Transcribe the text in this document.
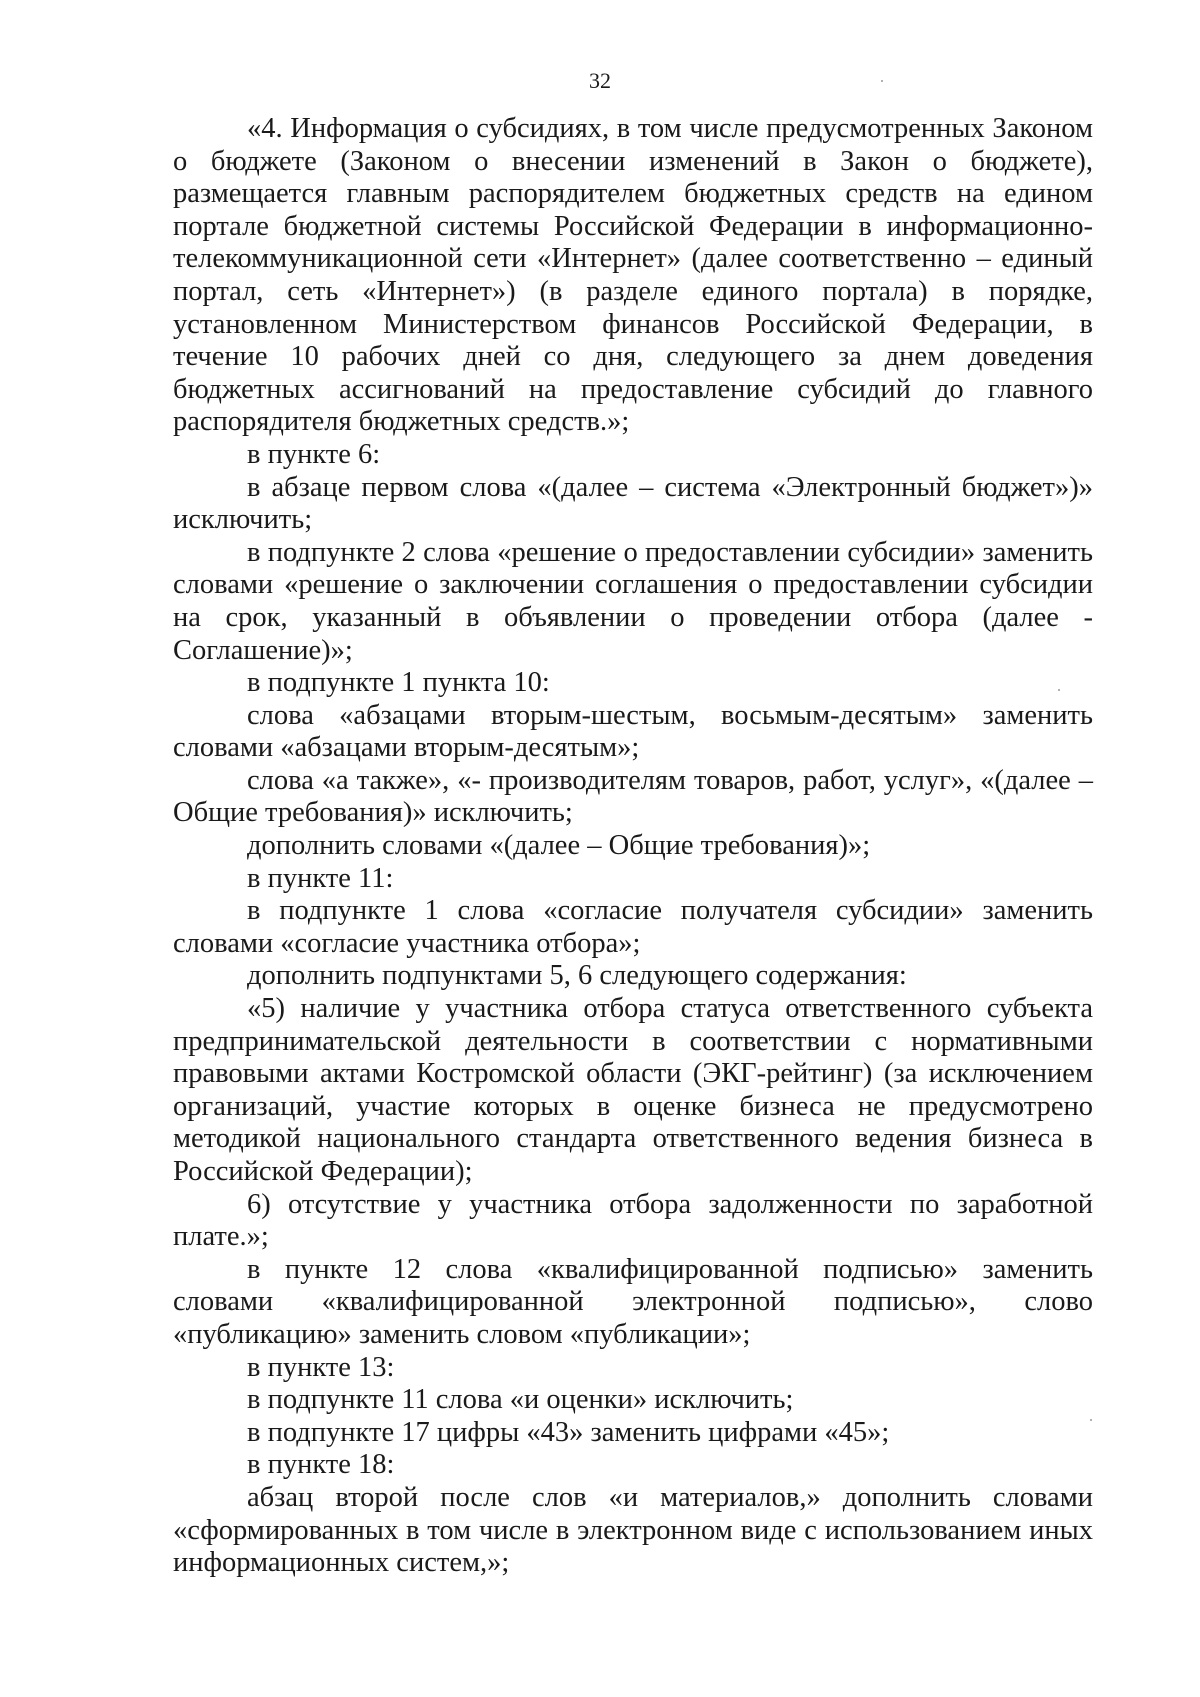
32

«4. Информация о субсидиях, в том числе предусмотренных Законом о бюджете (Законом о внесении изменений в Закон о бюджете), размещается главным распорядителем бюджетных средств на едином портале бюджетной системы Российской Федерации в информационно-телекоммуникационной сети «Интернет» (далее соответственно – единый портал, сеть «Интернет») (в разделе единого портала) в порядке, установленном Министерством финансов Российской Федерации, в течение 10 рабочих дней со дня, следующего за днем доведения бюджетных ассигнований на предоставление субсидий до главного распорядителя бюджетных средств.»;

в пункте 6:

в абзаце первом слова «(далее – система «Электронный бюджет»)» исключить;

в подпункте 2 слова «решение о предоставлении субсидии» заменить словами «решение о заключении соглашения о предоставлении субсидии на срок, указанный в объявлении о проведении отбора (далее - Соглашение)»;

в подпункте 1 пункта 10:

слова «абзацами вторым-шестым, восьмым-десятым» заменить словами «абзацами вторым-десятым»;

слова «а также», «- производителям товаров, работ, услуг», «(далее – Общие требования)» исключить;

дополнить словами «(далее – Общие требования)»;

в пункте 11:

в подпункте 1 слова «согласие получателя субсидии» заменить словами «согласие участника отбора»;

дополнить подпунктами 5, 6 следующего содержания:

«5) наличие у участника отбора статуса ответственного субъекта предпринимательской деятельности в соответствии с нормативными правовыми актами Костромской области (ЭКГ-рейтинг) (за исключением организаций, участие которых в оценке бизнеса не предусмотрено методикой национального стандарта ответственного ведения бизнеса в Российской Федерации);

6) отсутствие у участника отбора задолженности по заработной плате.»;

в пункте 12 слова «квалифицированной подписью» заменить словами «квалифицированной электронной подписью», слово «публикацию» заменить словом «публикации»;

в пункте 13:

в подпункте 11 слова «и оценки» исключить;

в подпункте 17 цифры «43» заменить цифрами «45»;

в пункте 18:

абзац второй после слов «и материалов,» дополнить словами «сформированных в том числе в электронном виде с использованием иных информационных систем,»;
